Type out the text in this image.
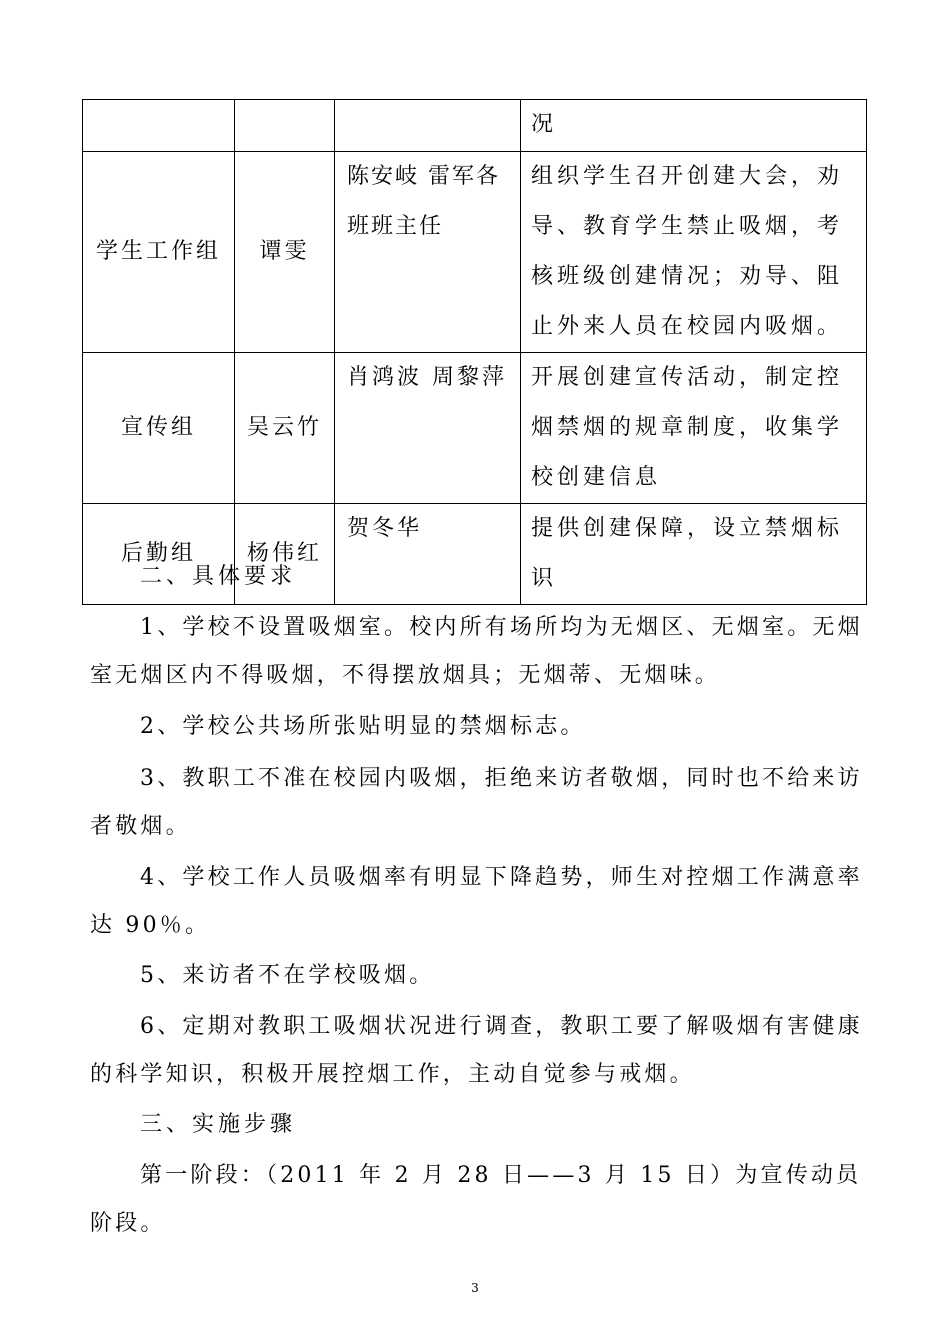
			况
学生工作组	谭雯	陈安岐 雷军各班班主任	组织学生召开创建大会，劝导、教育学生禁止吸烟，考核班级创建情况；劝导、阻止外来人员在校园内吸烟。
宣传组	吴云竹	肖鸿波 周黎萍	开展创建宣传活动，制定控烟禁烟的规章制度，收集学校创建信息
后勤组	杨伟红	贺冬华	提供创建保障，设立禁烟标识

二、具体要求

1、学校不设置吸烟室。校内所有场所均为无烟区、无烟室。无烟室无烟区内不得吸烟，不得摆放烟具；无烟蒂、无烟味。

2、学校公共场所张贴明显的禁烟标志。

3、教职工不准在校园内吸烟，拒绝来访者敬烟，同时也不给来访者敬烟。

4、学校工作人员吸烟率有明显下降趋势，师生对控烟工作满意率达 90％。

5、来访者不在学校吸烟。

6、定期对教职工吸烟状况进行调查，教职工要了解吸烟有害健康的科学知识，积极开展控烟工作，主动自觉参与戒烟。

三、实施步骤

第一阶段：（2011 年 2 月 28 日——3 月 15 日）为宣传动员阶段。

3
